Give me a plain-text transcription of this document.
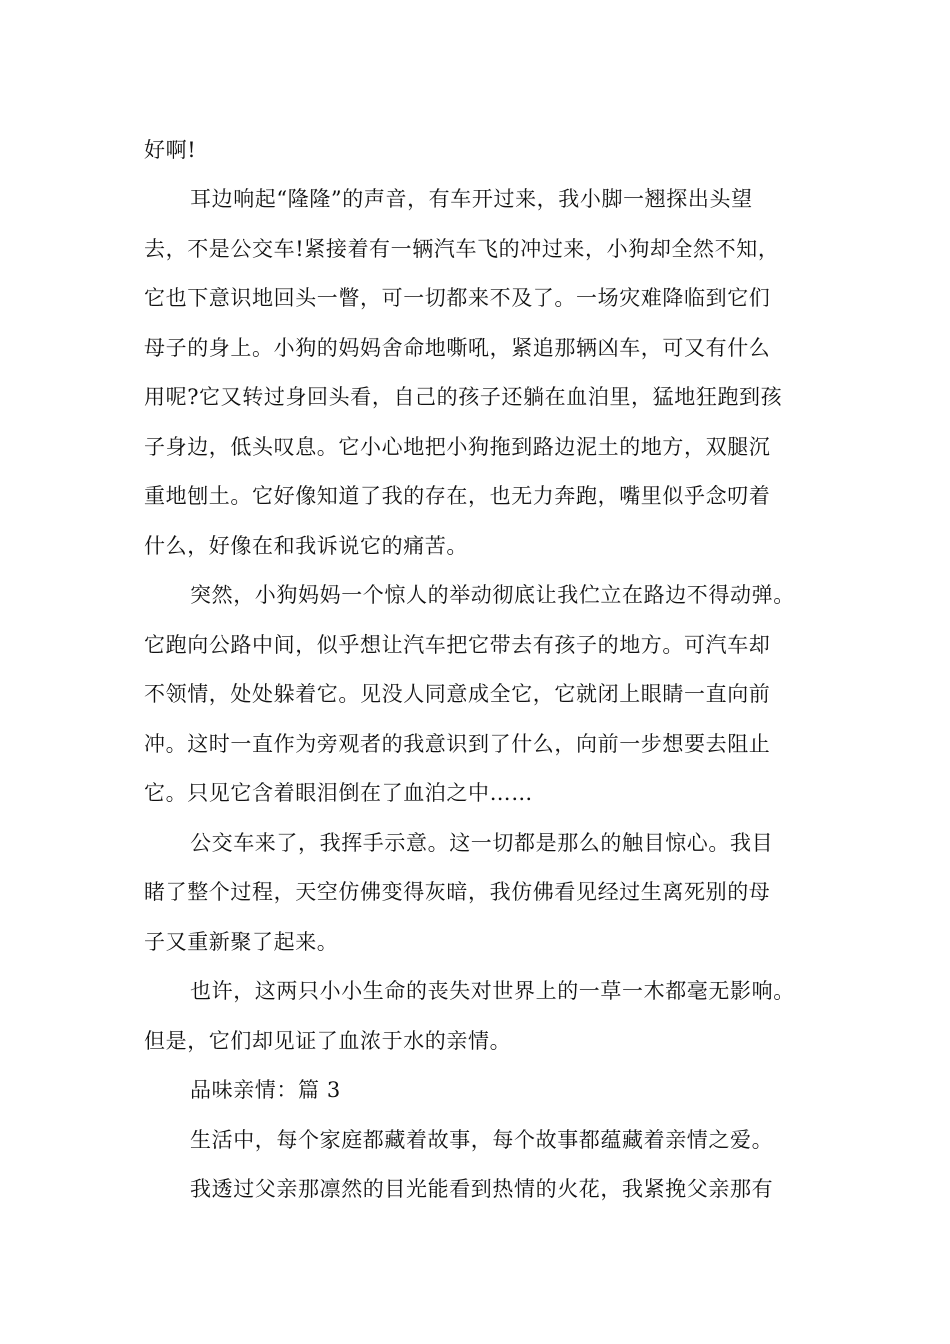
好啊!
耳边响起“隆隆”的声音，有车开过来，我小脚一翘探出头望
去，不是公交车!紧接着有一辆汽车飞的冲过来，小狗却全然不知，
它也下意识地回头一瞥，可一切都来不及了。一场灾难降临到它们
母子的身上。小狗的妈妈舍命地嘶吼，紧追那辆凶车，可又有什么
用呢?它又转过身回头看，自己的孩子还躺在血泊里，猛地狂跑到孩
子身边，低头叹息。它小心地把小狗拖到路边泥土的地方，双腿沉
重地刨土。它好像知道了我的存在，也无力奔跑，嘴里似乎念叨着
什么，好像在和我诉说它的痛苦。
突然，小狗妈妈一个惊人的举动彻底让我伫立在路边不得动弹。
它跑向公路中间，似乎想让汽车把它带去有孩子的地方。可汽车却
不领情，处处躲着它。见没人同意成全它，它就闭上眼睛一直向前
冲。这时一直作为旁观者的我意识到了什么，向前一步想要去阻止
它。只见它含着眼泪倒在了血泊之中……
公交车来了，我挥手示意。这一切都是那么的触目惊心。我目
睹了整个过程，天空仿佛变得灰暗，我仿佛看见经过生离死别的母
子又重新聚了起来。
也许，这两只小小生命的丧失对世界上的一草一木都毫无影响。
但是，它们却见证了血浓于水的亲情。
品味亲情：篇 3
生活中，每个家庭都藏着故事，每个故事都蕴藏着亲情之爱。
我透过父亲那凛然的目光能看到热情的火花，我紧挽父亲那有
